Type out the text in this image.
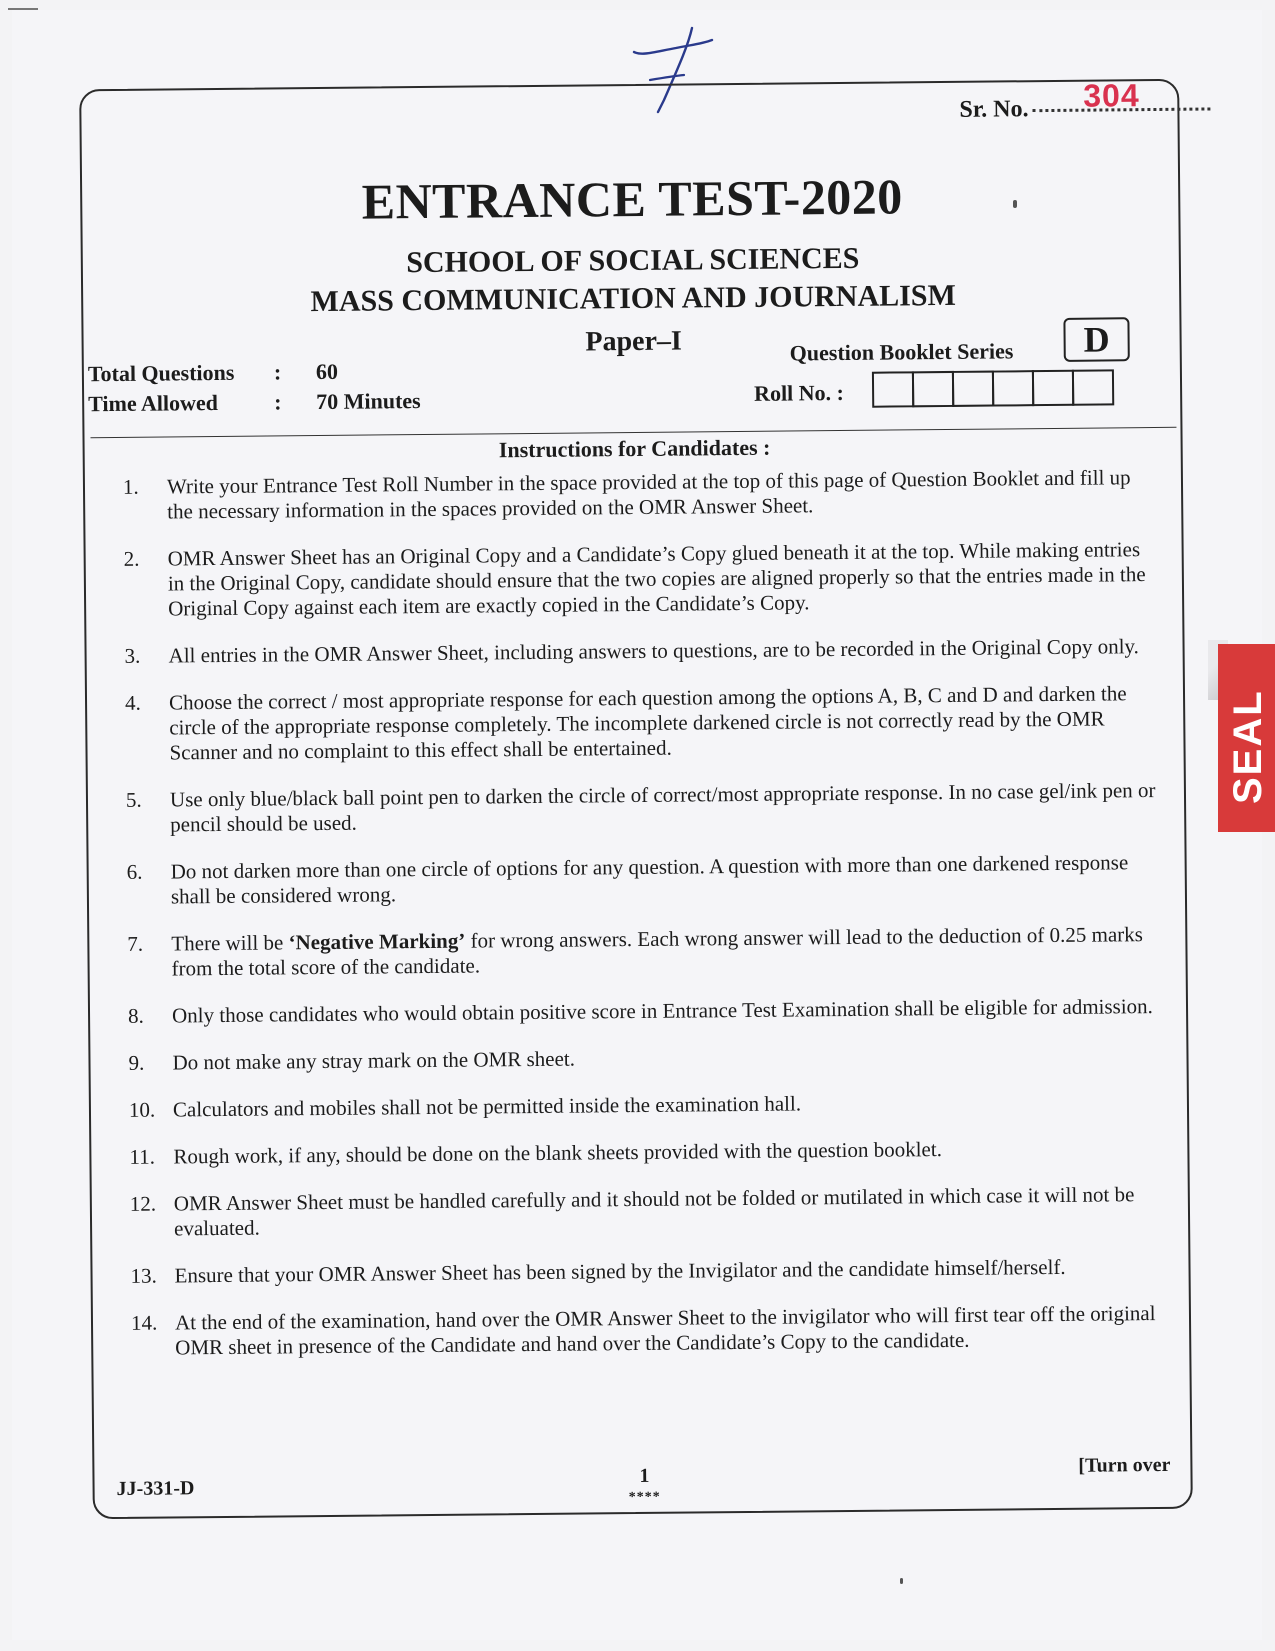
Sr. No.	304
ENTRANCE TEST-2020
SCHOOL OF SOCIAL SCIENCES
MASS COMMUNICATION AND JOURNALISM
Paper–I	Question Booklet Series	D
Total Questions : 60
Time Allowed	: 70 Minutes	Roll No. :
Instructions for Candidates :
1.	Write your Entrance Test Roll Number in the space provided at the top of this page of Question Booklet and fill up the necessary information in the spaces provided on the OMR Answer Sheet.
2.	OMR Answer Sheet has an Original Copy and a Candidate’s Copy glued beneath it at the top. While making entries in the Original Copy, candidate should ensure that the two copies are aligned properly so that the entries made in the Original Copy against each item are exactly copied in the Candidate’s Copy.
3.	All entries in the OMR Answer Sheet, including answers to questions, are to be recorded in the Original Copy only.
4.	Choose the correct / most appropriate response for each question among the options A, B, C and D and darken the circle of the appropriate response completely. The incomplete darkened circle is not correctly read by the OMR Scanner and no complaint to this effect shall be entertained.
5.	Use only blue/black ball point pen to darken the circle of correct/most appropriate response. In no case gel/ink pen or pencil should be used.
6.	Do not darken more than one circle of options for any question. A question with more than one darkened response shall be considered wrong.
7.	There will be ‘Negative Marking’ for wrong answers. Each wrong answer will lead to the deduction of 0.25 marks from the total score of the candidate.
8.	Only those candidates who would obtain positive score in Entrance Test Examination shall be eligible for admission.
9.	Do not make any stray mark on the OMR sheet.
10. Calculators and mobiles shall not be permitted inside the examination hall.
11. Rough work, if any, should be done on the blank sheets provided with the question booklet.
12. OMR Answer Sheet must be handled carefully and it should not be folded or mutilated in which case it will not be evaluated.
13. Ensure that your OMR Answer Sheet has been signed by the Invigilator and the candidate himself/herself.
14. At the end of the examination, hand over the OMR Answer Sheet to the invigilator who will first tear off the original OMR sheet in presence of the Candidate and hand over the Candidate’s Copy to the candidate.
JJ-331-D
1
****
[Turn over
SEAL
